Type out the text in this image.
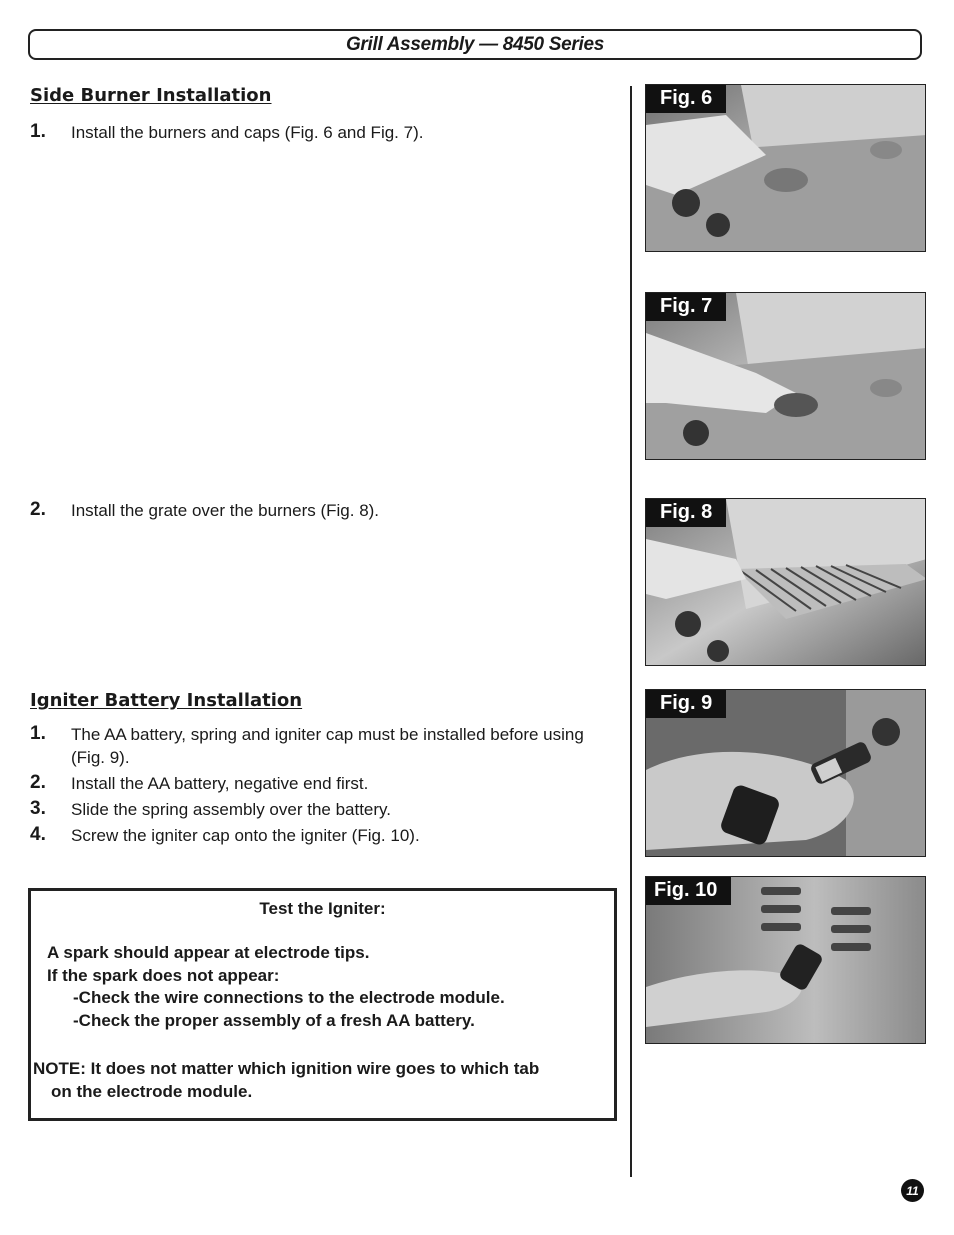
Grill Assembly — 8450 Series
Side Burner Installation
1.	Install the burners and caps (Fig. 6 and Fig. 7).
2.	Install the grate over the burners (Fig. 8).
Igniter Battery Installation
1.	The AA battery, spring and igniter cap must be installed before using (Fig. 9).
2.	Install the AA battery, negative end first.
3.	Slide the spring assembly over the battery.
4.	Screw the igniter cap onto the igniter (Fig. 10).
Test the Igniter:
A spark should appear at electrode tips.
If the spark does not appear:
-Check the wire connections to the electrode module.
-Check the proper assembly of a fresh AA battery.
NOTE: It does not matter which ignition wire goes to which tab
on the electrode module.
Fig. 6
Fig. 7
Fig. 8
Fig. 9
Fig. 10
11
